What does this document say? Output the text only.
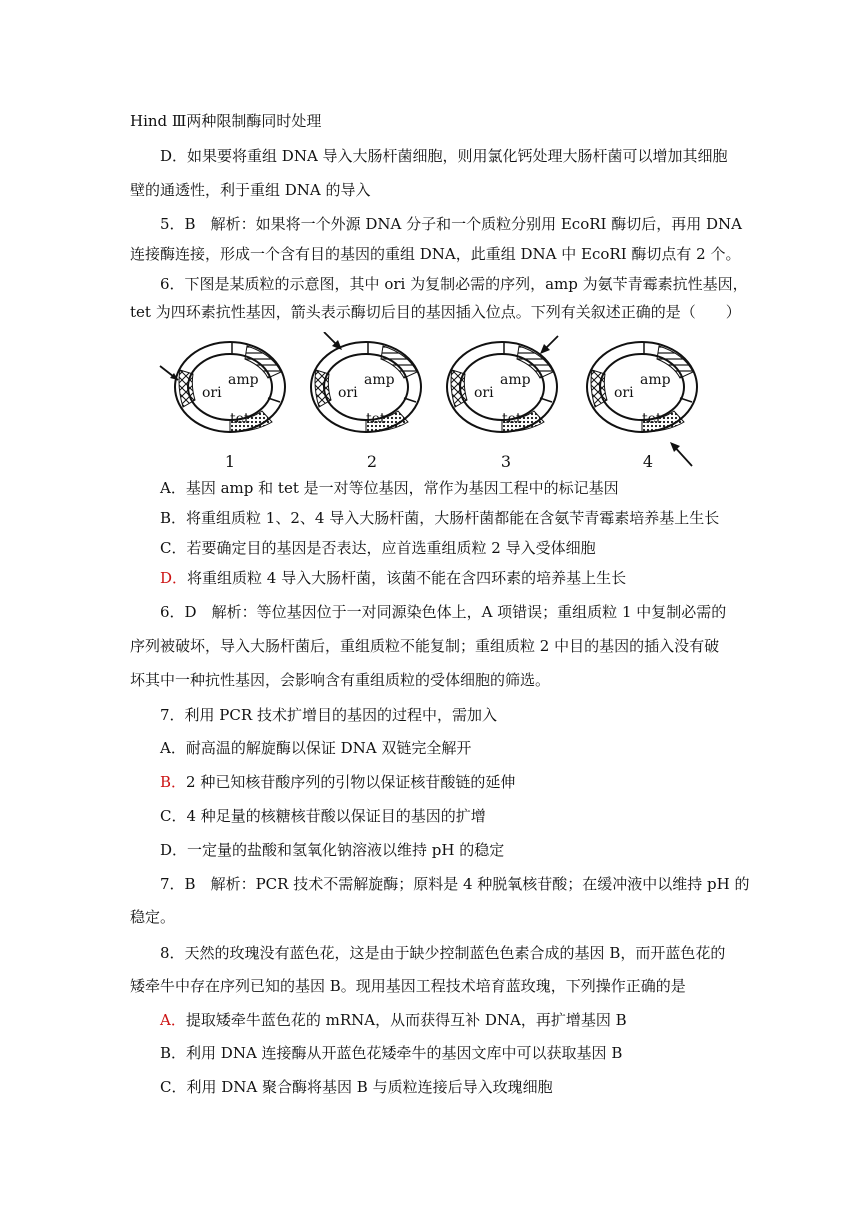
Hind Ⅲ两种限制酶同时处理
D．如果要将重组 DNA 导入大肠杆菌细胞，则用氯化钙处理大肠杆菌可以增加其细胞
壁的通透性，利于重组 DNA 的导入
5．B　解析：如果将一个外源 DNA 分子和一个质粒分别用 EcoRI 酶切后，再用 DNA
连接酶连接，形成一个含有目的基因的重组 DNA，此重组 DNA 中 EcoRI 酶切点有 2 个。
6．下图是某质粒的示意图，其中 ori 为复制必需的序列，amp 为氨苄青霉素抗性基因，
tet 为四环素抗性基因，箭头表示酶切后目的基因插入位点。下列有关叙述正确的是（　　）
amp
ori
tet
1
amp
ori
tet
2
amp
ori
tet
3
amp
ori
tet
4
A．基因 amp 和 tet 是一对等位基因，常作为基因工程中的标记基因
B．将重组质粒 1、2、4 导入大肠杆菌，大肠杆菌都能在含氨苄青霉素培养基上生长
C．若要确定目的基因是否表达，应首选重组质粒 2 导入受体细胞
D．将重组质粒 4 导入大肠杆菌，该菌不能在含四环素的培养基上生长
6．D　解析：等位基因位于一对同源染色体上，A 项错误；重组质粒 1 中复制必需的
序列被破坏，导入大肠杆菌后，重组质粒不能复制；重组质粒 2 中目的基因的插入没有破
坏其中一种抗性基因，会影响含有重组质粒的受体细胞的筛选。
7．利用 PCR 技术扩增目的基因的过程中，需加入
A．耐高温的解旋酶以保证 DNA 双链完全解开
B．2 种已知核苷酸序列的引物以保证核苷酸链的延伸
C．4 种足量的核糖核苷酸以保证目的基因的扩增
D．一定量的盐酸和氢氧化钠溶液以维持 pH 的稳定
7．B　解析：PCR 技术不需解旋酶；原料是 4 种脱氧核苷酸；在缓冲液中以维持 pH 的
稳定。
8．天然的玫瑰没有蓝色花，这是由于缺少控制蓝色色素合成的基因 B，而开蓝色花的
矮牵牛中存在序列已知的基因 B。现用基因工程技术培育蓝玫瑰，下列操作正确的是
A．提取矮牵牛蓝色花的 mRNA，从而获得互补 DNA，再扩增基因 B
B．利用 DNA 连接酶从开蓝色花矮牵牛的基因文库中可以获取基因 B
C．利用 DNA 聚合酶将基因 B 与质粒连接后导入玫瑰细胞
